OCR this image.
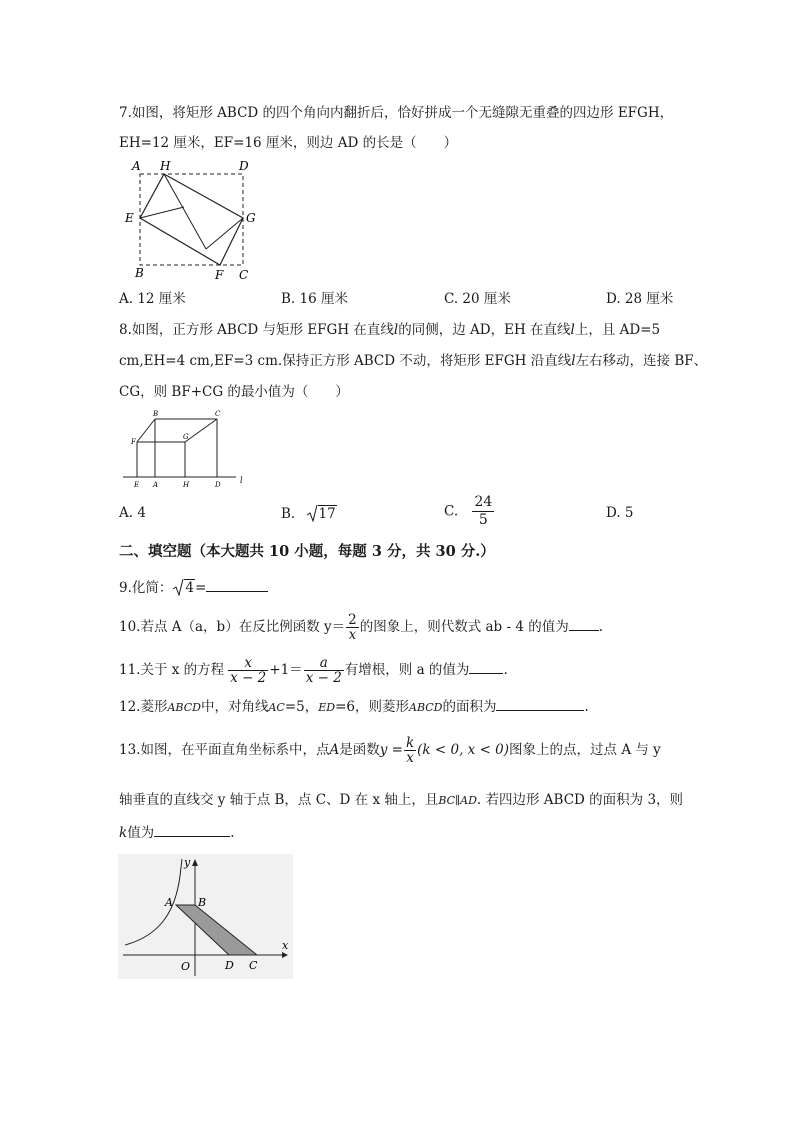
7.如图，将矩形 ABCD 的四个角向内翻折后，恰好拼成一个无缝隙无重叠的四边形 EFGH，
EH=12 厘米，EF=16 厘米，则边 AD 的长是（　　）
A H	D
E	G
B	F C
A. 12 厘米	B. 16 厘米	C. 20 厘米	D. 28 厘米
8.如图，正方形 ABCD 与矩形 EFGH 在直线l的同侧，边 AD，EH 在直线l上，且 AD=5
cm,EH=4 cm,EF=3 cm.保持正方形 ABCD 不动，将矩形 EFGH 沿直线l左右移动，连接 BF、
CG，则 BF+CG 的最小值为（　　）
B	C
F
G
E A	H	D l
A. 4	B. 17	C. $\frac{24}{5}$	D. 5
二、填空题（本大题共 10 小题，每题 3 分，共 30 分.）
9.化简： 4=
10.若点 A（a，b）在反比例函数 $y= \frac{2}{x}$ 的图象上，则代数式 ab - 4 的值为 .
11.关于 x 的方程 $\frac{x}{x - 2} +1= \frac{a}{x - 2}$ 有增根，则 a 的值为	.
12.菱形ABCD中，对角线AC=5，ED=6，则菱形ABCD的面积为	.
13.如图，在平面直角坐标系中，点A是函数$y = \frac{k}{x} (k < 0$, x < 0)图象上的点，过点 A 与 y
轴垂直的直线交 y 轴于点 B，点 C、D 在 x 轴上，且BC∥AD. 若四边形 ABCD 的面积为 3，则
k值为	.
y
x
A B
O	D C
